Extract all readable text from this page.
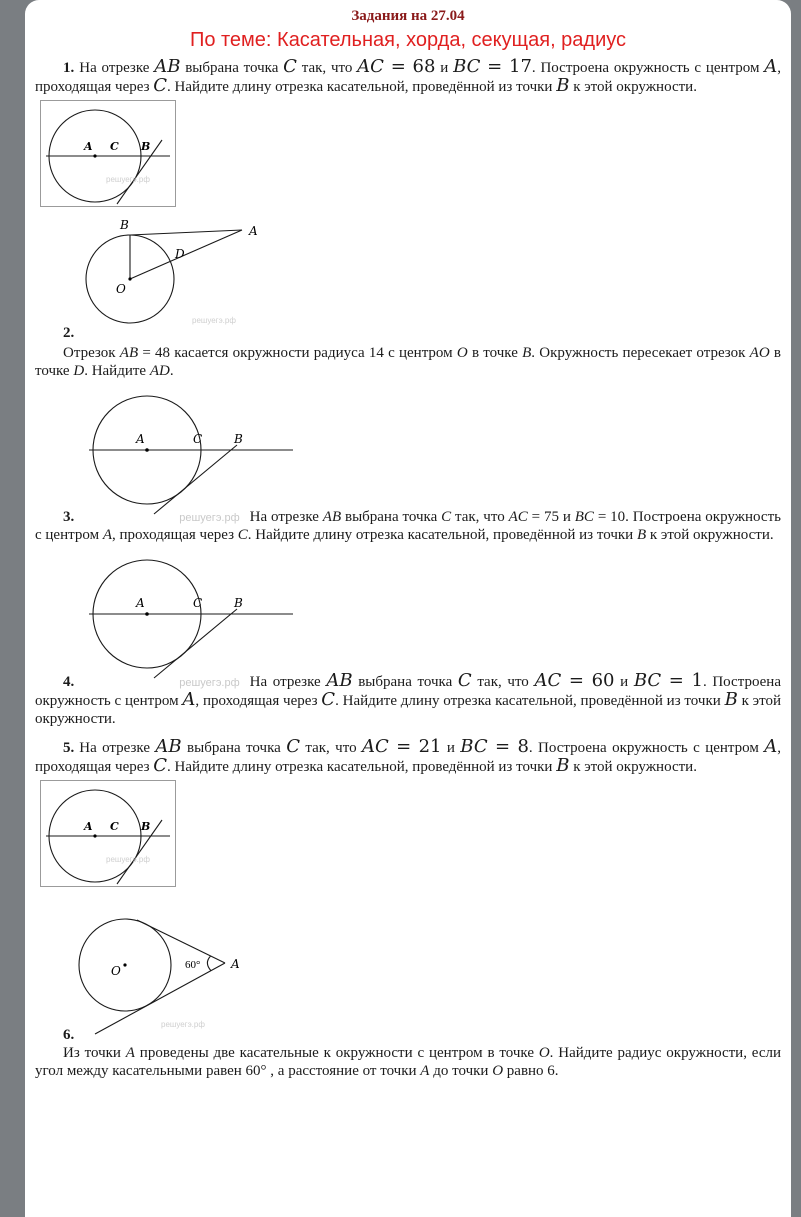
Задания на 27.04
По теме: Касательная, хорда, секущая, радиус

1. На отрезке AB выбрана точка C так, что AC = 68 и BC = 17. Построена окружность с центром A, проходящая через C. Найдите длину отрезка касательной, проведённой из точки B к этой окружности.

A C B
решуегэ.рф
B	A
D
O
решуегэ.рф

2.

Отрезок AB = 48 касается окружности радиуса 14 с центром O в точке B. Окружность пересекает отрезок AO в точке D. Найдите AD.

A	C	B

3.	решуегэ.рф На отрезке AB выбрана точка C так, что AC = 75 и BC = 10. Построена окружность с центром A, проходящая через C. Найдите длину отрезка касательной, проведённой из точки B к этой окружности.

A	C	B

4.	решуегэ.рф На отрезке AB выбрана точка C так, что AC = 60 и BC = 1. Построена окружность с центром A, проходящая через C. Найдите длину отрезка касательной, проведённой из точки B к этой окружности.

5. На отрезке AB выбрана точка C так, что AC = 21 и BC = 8. Построена окружность с центром A, проходящая через C. Найдите длину отрезка касательной, проведённой из точки B к этой окружности.

A C B
решуегэ.рф
O	A
60°
решуегэ.рф

6.

Из точки A проведены две касательные к окружности с центром в точке O. Найдите радиус окружности, если угол между касательными равен 60° , а расстояние от точки A до точки O равно 6.
